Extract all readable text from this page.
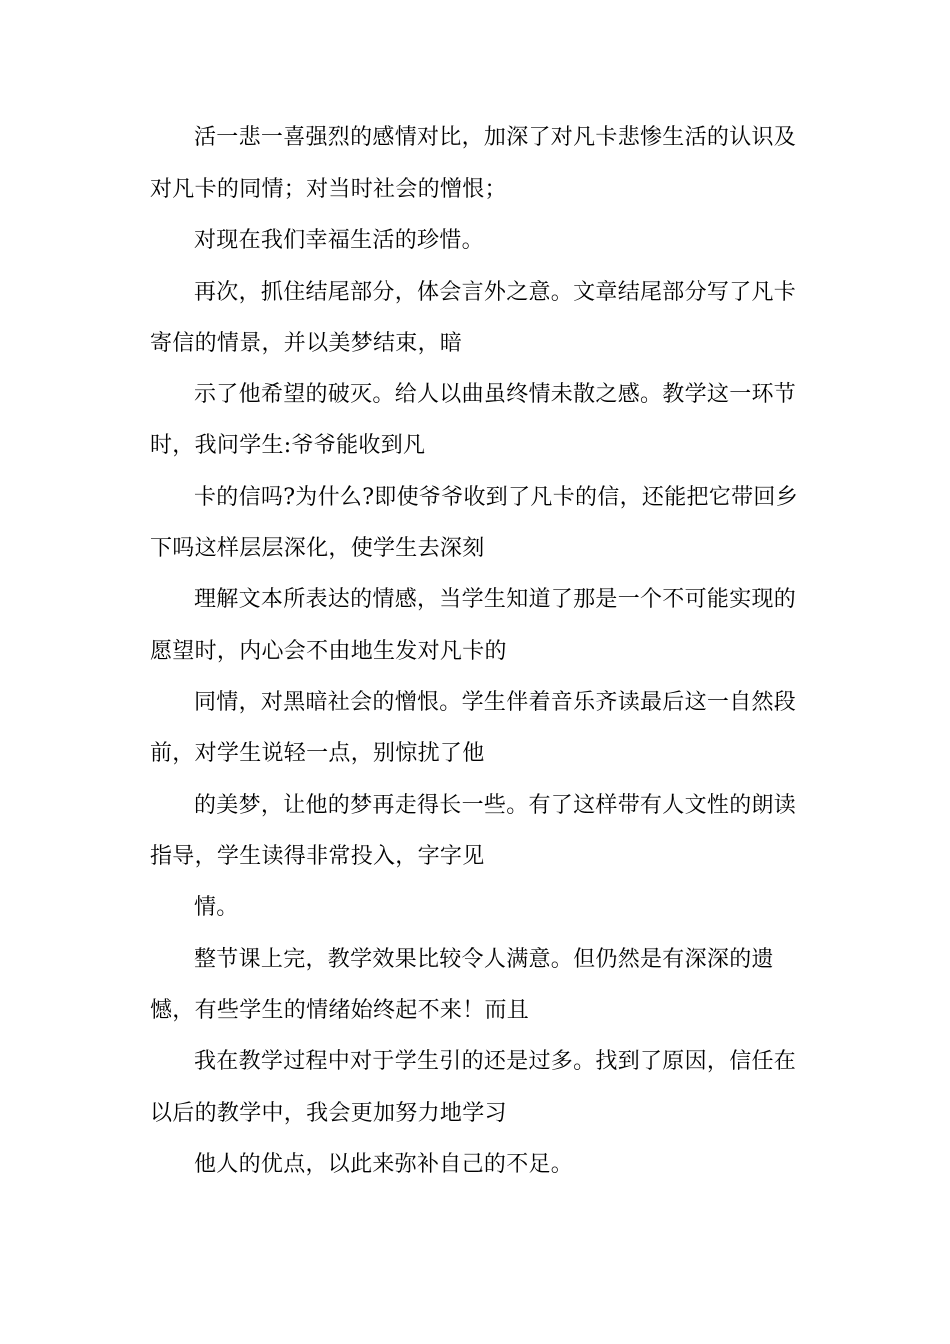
活一悲一喜强烈的感情对比，加深了对凡卡悲惨生活的认识及
对凡卡的同情；对当时社会的憎恨；
对现在我们幸福生活的珍惜。
再次，抓住结尾部分，体会言外之意。文章结尾部分写了凡卡
寄信的情景，并以美梦结束，暗
示了他希望的破灭。给人以曲虽终情未散之感。教学这一环节
时，我问学生:爷爷能收到凡
卡的信吗?为什么?即使爷爷收到了凡卡的信，还能把它带回乡
下吗这样层层深化，使学生去深刻
理解文本所表达的情感，当学生知道了那是一个不可能实现的
愿望时，内心会不由地生发对凡卡的
同情，对黑暗社会的憎恨。学生伴着音乐齐读最后这一自然段
前，对学生说轻一点，别惊扰了他
的美梦，让他的梦再走得长一些。有了这样带有人文性的朗读
指导，学生读得非常投入，字字见
情。
整节课上完，教学效果比较令人满意。但仍然是有深深的遗
憾，有些学生的情绪始终起不来！而且
我在教学过程中对于学生引的还是过多。找到了原因，信任在
以后的教学中，我会更加努力地学习
他人的优点，以此来弥补自己的不足。
